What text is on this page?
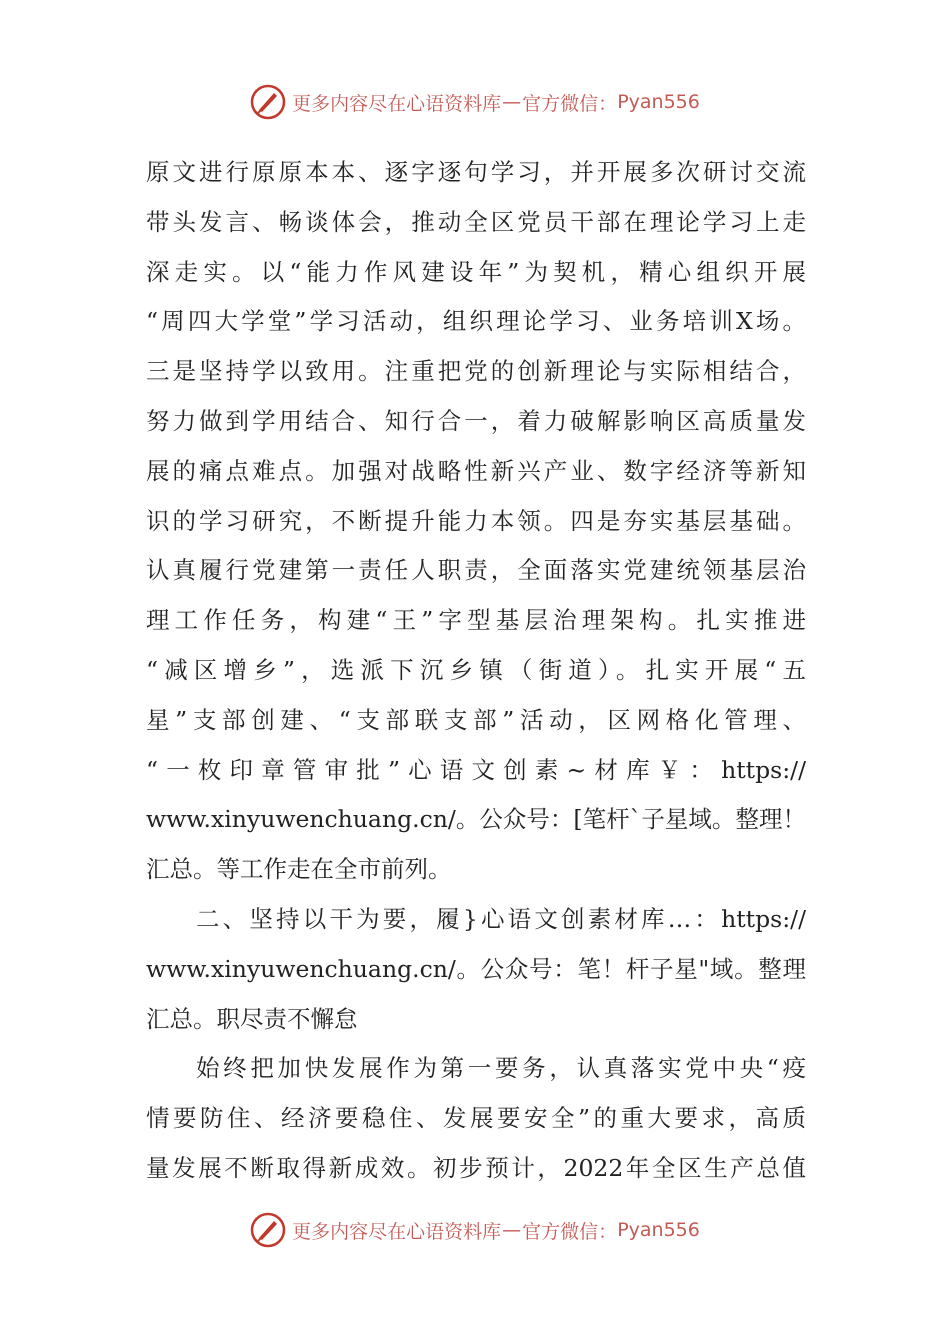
更多内容尽在心语资料库 — 官方微信： Pyan556
原文进行原原本本、逐字逐句学习，并开展多次研讨交流
带头发言、畅谈体会，推动全区党员干部在理论学习上走
深走实。以“能力作风建设年”为契机，精心组织开展
“周四大学堂”学习活动，组织理论学习、业务培训X场。
三是坚持学以致用。注重把党的创新理论与实际相结合，
努力做到学用结合、知行合一，着力破解影响区高质量发
展的痛点难点。加强对战略性新兴产业、数字经济等新知
识的学习研究，不断提升能力本领。四是夯实基层基础。
认真履行党建第一责任人职责，全面落实党建统领基层治
理工作任务，构建“王”字型基层治理架构。扎实推进
“减区增乡”，选派下沉乡镇（街道）。扎实开展“五
星”支部创建、“支部联支部”活动，区网格化管理、
“一枚印章管审批”心语文创素~材库￥：https://
www.xinyuwenchuang.cn/。公众号：[笔杆`子星域。整理！
汇总。等工作走在全市前列。
二、坚持以干为要，履}心语文创素材库…：https://
www.xinyuwenchuang.cn/。公众号：笔！杆子星"域。整理
汇总。职尽责不懈怠
始终把加快发展作为第一要务，认真落实党中央“疫
情要防住、经济要稳住、发展要安全”的重大要求，高质
量发展不断取得新成效。初步预计，2022年全区生产总值
更多内容尽在心语资料库 — 官方微信： Pyan556
